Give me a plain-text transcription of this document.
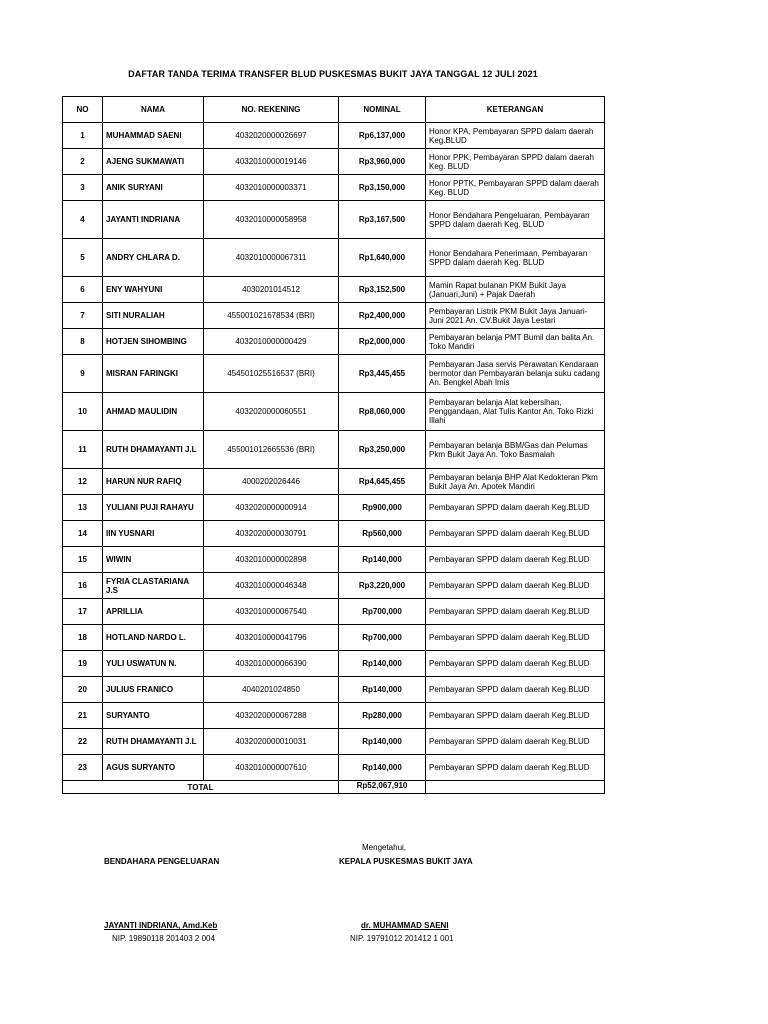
DAFTAR TANDA TERIMA TRANSFER BLUD PUSKESMAS BUKIT JAYA TANGGAL 12 JULI 2021
NO	NAMA	NO. REKENING	NOMINAL	KETERANGAN
1	MUHAMMAD SAENI	4032020000026697	Rp6,137,000	Honor KPA, Pembayaran SPPD dalam daerah Keg.BLUD
2	AJENG SUKMAWATI	4032010000019146	Rp3,960,000	Honor PPK, Pembayaran SPPD dalam daerah Keg. BLUD
3	ANIK SURYANI	4032010000003371	Rp3,150,000	Honor PPTK, Pembayaran SPPD dalam daerah Keg. BLUD
4	JAYANTI INDRIANA	4032010000058958	Rp3,167,500	Honor Bendahara Pengeluaran, Pembayaran SPPD dalam daerah Keg. BLUD
5	ANDRY CHLARA D.	4032010000067311	Rp1,640,000	Honor Bendahara Penerimaan, Pembayaran SPPD dalam daerah Keg. BLUD
6	ENY WAHYUNI	4030201014512	Rp3,152,500	Mamin Rapat bulanan PKM Bukit Jaya (Januari,Juni) + Pajak Daerah
7	SITI NURALIAH	455001021678534 (BRI)	Rp2,400,000	Pembayaran Listrik PKM Bukit Jaya Januari-Juni 2021 An. CV.Bukit Jaya Lestari
8	HOTJEN SIHOMBING	4032010000000429	Rp2,000,000	Pembayaran belanja PMT Bumil dan balita An. Toko Mandiri
9	MISRAN FARINGKI	454501025516537 (BRI)	Rp3,445,455	Pembayaran Jasa servis Perawatan Kendaraan bermotor dan Pembayaran belanja suku cadang An. Bengkel Abah Imis
10	AHMAD MAULIDIN	4032020000060551	Rp8,060,000	Pembayaran belanja Alat kebersihan, Penggandaan, Alat Tulis Kantor An. Toko Rizki Illahi
11	RUTH DHAMAYANTI J.L	455001012665536 (BRI)	Rp3,250,000	Pembayaran belanja BBM/Gas dan Pelumas Pkm Bukit Jaya An. Toko Basmalah
12	HARUN NUR RAFIQ	4000202026446	Rp4,645,455	Pembayaran belanja BHP Alat Kedokteran Pkm Bukit Jaya An. Apotek Mandiri
13	YULIANI PUJI RAHAYU	4032020000000914	Rp900,000	Pembayaran SPPD dalam daerah Keg.BLUD
14	IIN YUSNARI	4032020000030791	Rp560,000	Pembayaran SPPD dalam daerah Keg.BLUD
15	WIWIN	4032010000002898	Rp140,000	Pembayaran SPPD dalam daerah Keg.BLUD
16	FYRIA CLASTARIANA J.S	4032010000046348	Rp3,220,000	Pembayaran SPPD dalam daerah Keg.BLUD
17	APRILLIA	4032010000067540	Rp700,000	Pembayaran SPPD dalam daerah Keg.BLUD
18	HOTLAND NARDO L.	4032010000041796	Rp700,000	Pembayaran SPPD dalam daerah Keg.BLUD
19	YULI USWATUN N.	4032010000066390	Rp140,000	Pembayaran SPPD dalam daerah Keg.BLUD
20	JULIUS FRANICO	4040201024850	Rp140,000	Pembayaran SPPD dalam daerah Keg.BLUD
21	SURYANTO	4032020000067288	Rp280,000	Pembayaran SPPD dalam daerah Keg.BLUD
22	RUTH DHAMAYANTI J.L	4032020000010031	Rp140,000	Pembayaran SPPD dalam daerah Keg.BLUD
23	AGUS SURYANTO	4032010000007610	Rp140,000	Pembayaran SPPD dalam daerah Keg.BLUD
TOTAL			Rp52,067,910	
Mengetahui,
BENDAHARA PENGELUARAN	KEPALA PUSKESMAS BUKIT JAYA
JAYANTI INDRIANA, Amd.Keb
NIP. 19890118 201403 2 004
dr. MUHAMMAD SAENI
NIP. 19791012 201412 1 001
